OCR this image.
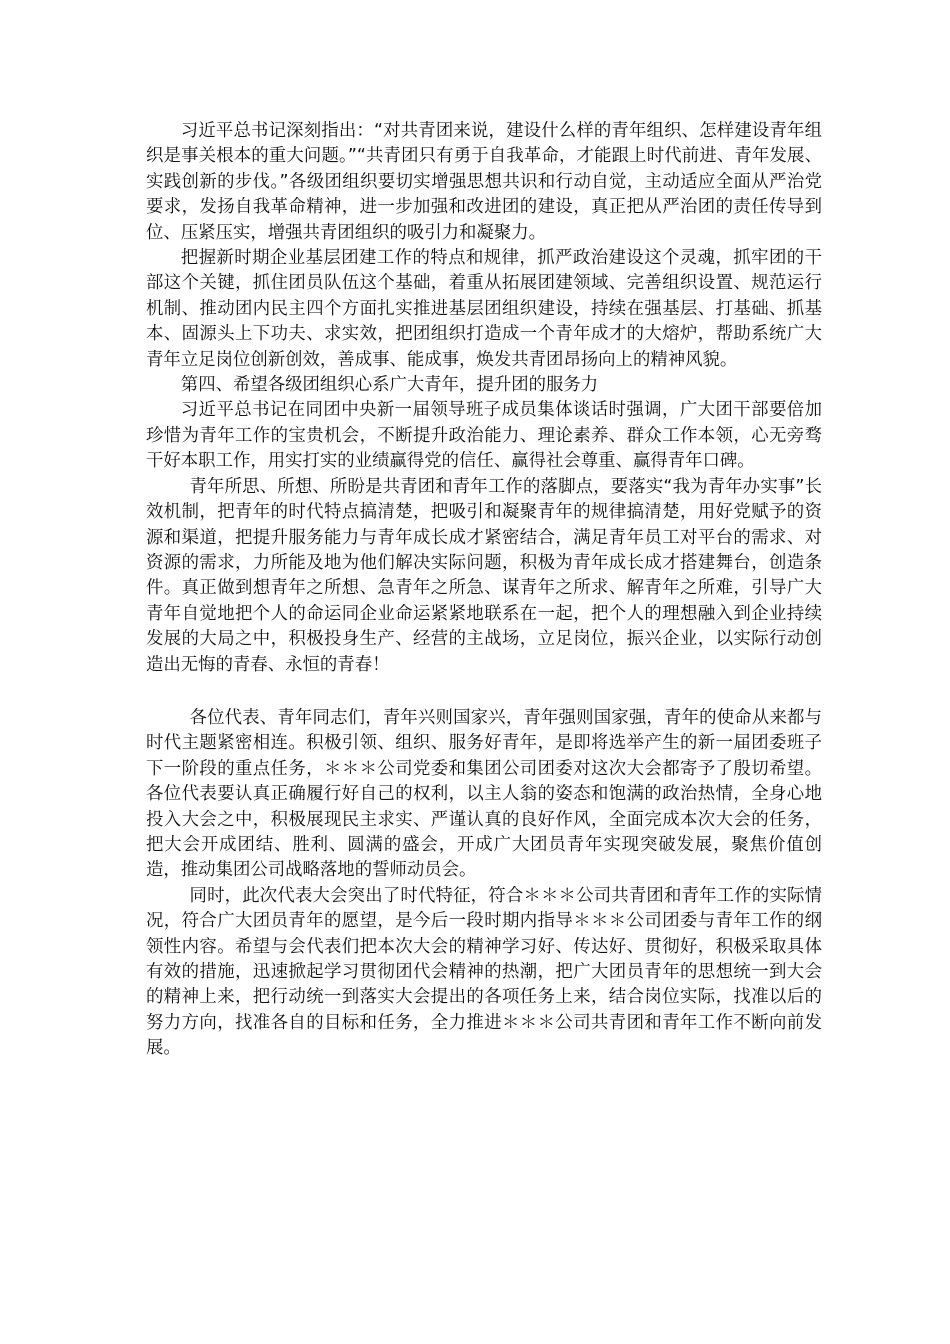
习近平总书记深刻指出：“对共青团来说，建设什么样的青年组织、怎样建设青年组织是事关根本的重大问题。”“共青团只有勇于自我革命，才能跟上时代前进、青年发展、实践创新的步伐。”各级团组织要切实增强思想共识和行动自觉，主动适应全面从严治党要求，发扬自我革命精神，进一步加强和改进团的建设，真正把从严治团的责任传导到位、压紧压实，增强共青团组织的吸引力和凝聚力。

把握新时期企业基层团建工作的特点和规律，抓严政治建设这个灵魂，抓牢团的干部这个关键，抓住团员队伍这个基础，着重从拓展团建领域、完善组织设置、规范运行机制、推动团内民主四个方面扎实推进基层团组织建设，持续在强基层、打基础、抓基本、固源头上下功夫、求实效，把团组织打造成一个青年成才的大熔炉，帮助系统广大青年立足岗位创新创效，善成事、能成事，焕发共青团昂扬向上的精神风貌。

第四、希望各级团组织心系广大青年，提升团的服务力

习近平总书记在同团中央新一届领导班子成员集体谈话时强调，广大团干部要倍加珍惜为青年工作的宝贵机会，不断提升政治能力、理论素养、群众工作本领，心无旁骛干好本职工作，用实打实的业绩赢得党的信任、赢得社会尊重、赢得青年口碑。

青年所思、所想、所盼是共青团和青年工作的落脚点，要落实“我为青年办实事”长效机制，把青年的时代特点搞清楚，把吸引和凝聚青年的规律搞清楚，用好党赋予的资源和渠道，把提升服务能力与青年成长成才紧密结合，满足青年员工对平台的需求、对资源的需求，力所能及地为他们解决实际问题，积极为青年成长成才搭建舞台，创造条件。真正做到想青年之所想、急青年之所急、谋青年之所求、解青年之所难，引导广大青年自觉地把个人的命运同企业命运紧紧地联系在一起，把个人的理想融入到企业持续发展的大局之中，积极投身生产、经营的主战场，立足岗位，振兴企业，以实际行动创造出无悔的青春、永恒的青春！

各位代表、青年同志们，青年兴则国家兴，青年强则国家强，青年的使命从来都与时代主题紧密相连。积极引领、组织、服务好青年，是即将选举产生的新一届团委班子下一阶段的重点任务，＊＊＊公司党委和集团公司团委对这次大会都寄予了殷切希望。各位代表要认真正确履行好自己的权利，以主人翁的姿态和饱满的政治热情，全身心地投入大会之中，积极展现民主求实、严谨认真的良好作风，全面完成本次大会的任务，把大会开成团结、胜利、圆满的盛会，开成广大团员青年实现突破发展，聚焦价值创造，推动集团公司战略落地的誓师动员会。

同时，此次代表大会突出了时代特征，符合＊＊＊公司共青团和青年工作的实际情况，符合广大团员青年的愿望，是今后一段时期内指导＊＊＊公司团委与青年工作的纲领性内容。希望与会代表们把本次大会的精神学习好、传达好、贯彻好，积极采取具体有效的措施，迅速掀起学习贯彻团代会精神的热潮，把广大团员青年的思想统一到大会的精神上来，把行动统一到落实大会提出的各项任务上来，结合岗位实际，找准以后的努力方向，找准各自的目标和任务，全力推进＊＊＊公司共青团和青年工作不断向前发展。
